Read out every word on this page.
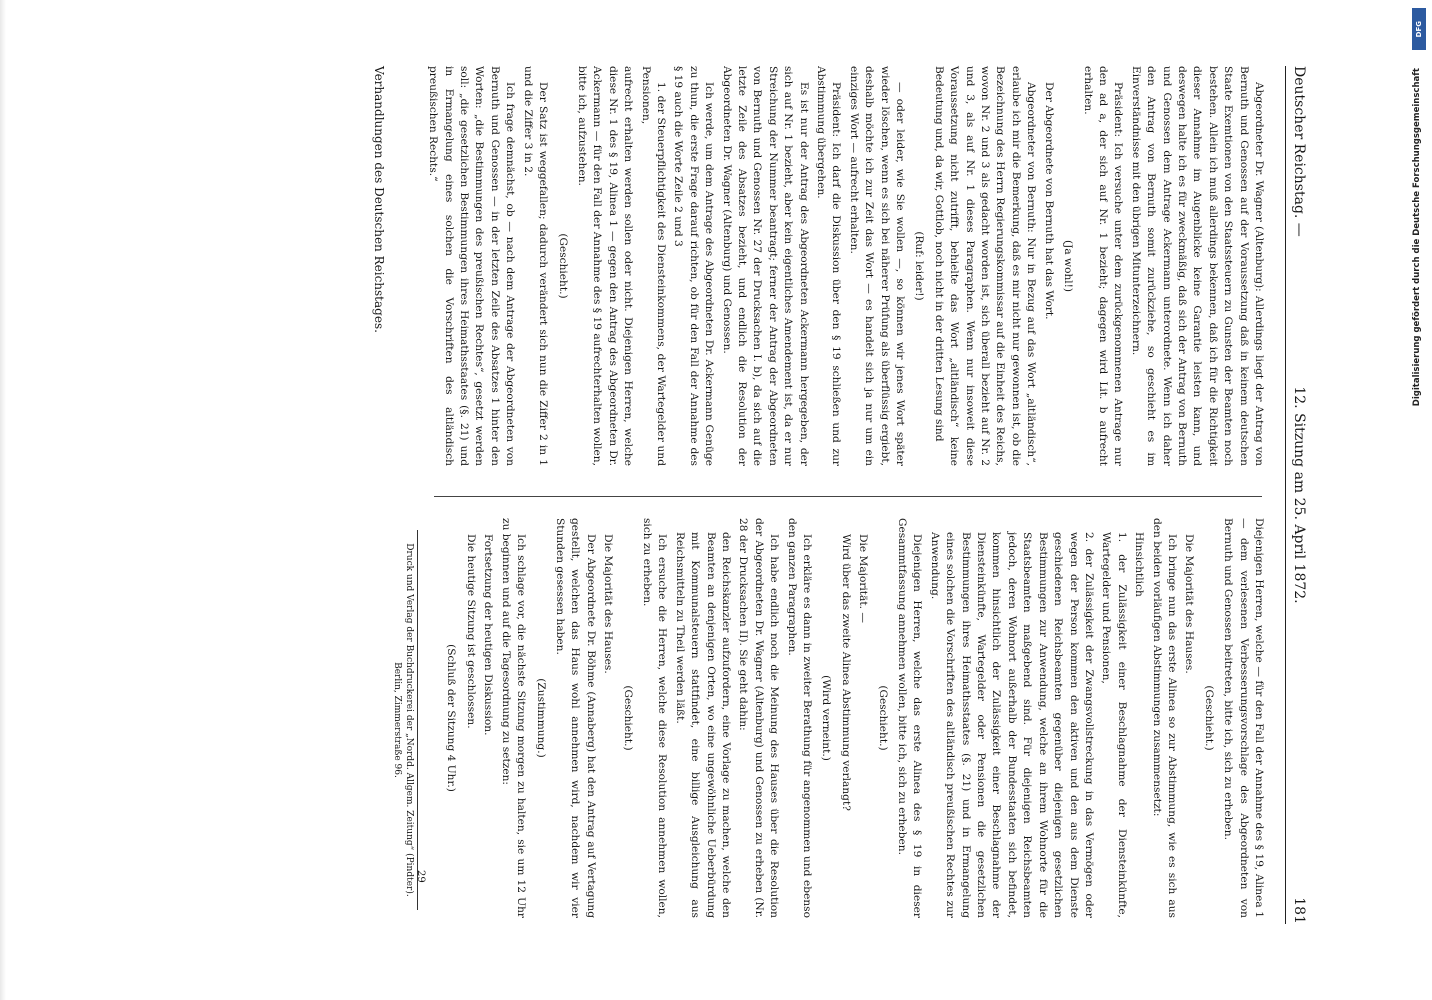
Deutscher Reichstag. —
12. Sitzung am 25. April 1872.
181

Abgeordneter Dr. Wagner (Altenburg): Allerdings liegt der Antrag von Bernuth und Genossen auf der Voraussetzung daß in keinem deutschen Staate Exemtionen von den Staatssteuern zu Gunsten der Beamten noch bestehen. Allein ich muß allerdings bekennen, daß ich für die Richtigkeit dieser Annahme im Augenblicke keine Garantie leisten kann, und deswegen halte ich es für zweckmäßig, daß sich der Antrag von Bernuth und Genossen dem Antrage Ackermann unterordnete. Wenn ich daher den Antrag von Bernuth somit zurückziehe, so geschieht es im Einverständnisse mit den übrigen Mitunterzeichnern.

Präsident: Ich versuche unter dem zurückgenommenen Antrage nur den ad a, der sich auf Nr. 1 bezieht; dagegen wird Lit. b aufrecht erhalten.

(Ja wohl!)

Der Abgeordnete von Bernuth hat das Wort.

Abgeordneter von Bernuth: Nur in Bezug auf das Wort „altländisch“, erlaube ich mir die Bemerkung, daß es mir nicht nur gewonnen ist, ob die Bezeichnung des Herrn Regierungskommissar auf die Einheit des Reichs, wovon Nr. 2 und 3 als gedacht worden ist, sich überall bezieht auf Nr. 2 und 3, als auf Nr. 1 dieses Paragraphen. Wenn nur insoweit diese Voraussetzung nicht zutrifft, behielte das Wort „altländisch“ keine Bedeutung und, da wir, Gottlob, noch nicht in der dritten Lesung sind

(Ruf: leider!)

— oder leider, wie Sie wollen —, so können wir jenes Wort später wieder löschen, wenn es sich bei näherer Prüfung als überflüssig ergiebt, deshalb möchte ich zur Zeit das Wort — es handelt sich ja nur um ein einziges Wort — aufrecht erhalten.

Präsident: Ich darf die Diskussion über den § 19 schließen und zur Abstimmung übergehen.

Es ist nur der Antrag des Abgeordneten Ackermann hergegeben, der sich auf Nr. 1 bezieht, aber kein eigentliches Amendement ist, da er nur Streichung der Nummer beantragt; ferner der Antrag der Abgeordneten von Bernuth und Genossen Nr. 27 der Drucksachen I. b), da sich auf die letzte Zeile des Absatzes bezieht, und endlich die Resolution der Abgeordneten Dr. Wagner (Altenburg) und Genossen.

Ich werde, um dem Antrage des Abgeordneten Dr. Ackermann Genüge zu thun, die erste Frage darauf richten, ob für den Fall der Annahme des § 19 auch die Worte Zeile 2 und 3

1. der Steuerpflichtigkeit des Diensteinkommens, der Wartegelder und Pensionen,

aufrecht erhalten werden sollen oder nicht. Diejenigen Herren, welche diese Nr. 1 des § 19, Alinea 1 — gegen den Antrag des Abgeordneten Dr. Ackermann — für den Fall der Annahme des § 19 aufrechterhalten wollen, bitte ich, aufzustehen.

(Geschieht.)

Der Satz ist weggefallen; dadurch verändert sich nun die Ziffer 2 in 1 und die Ziffer 3 in 2.

Ich frage demnächst, ob — nach dem Antrage der Abgeordneten von Bernuth und Genossen — in der letzten Zeile des Absatzes 1 hinter den Worten: „die Bestimmungen des preußischen Rechtes“, gesetzt werden soll: „die gesetzlichen Bestimmungen ihres Heimathsstaates (§. 21) und in Ermangelung eines solchen die Vorschriften des altländisch preußischen Rechts.“

Diejenigen Herren, welche — für den Fall der Annahme des § 19, Alinea 1 — dem verlesenen Verbesserungsvorschlage des Abgeordneten von Bernuth und Genossen beitreten, bitte ich, sich zu erheben.

(Geschieht.)

Die Majorität des Hauses.

Ich bringe nun das erste Alinea so zur Abstimmung, wie es sich aus den beiden vorläufigen Abstimmungen zusammensetzt:

Hinsichtlich

1. der Zulässigkeit einer Beschlagnahme der Diensteinkünfte, Wartegelder und Pensionen,

2. der Zulässigkeit der Zwangsvollstreckung in das Vermögen oder wegen der Person kommen den aktiven und den aus dem Dienste geschiedenen Reichsbeamten gegenüber diejenigen gesetzlichen Bestimmungen zur Anwendung, welche an ihrem Wohnorte für die Staatsbeamten maßgebend sind. Für diejenigen Reichsbeamten jedoch, deren Wohnort außerhalb der Bundesstaaten sich befindet, kommen hinsichtlich der Zulässigkeit einer Beschlagnahme der Diensteinkünfte, Wartegelder oder Pensionen die gesetzlichen Bestimmungen ihres Heimathsstaates (§. 21) und in Ermangelung eines solchen die Vorschriften des altländisch preußischen Rechtes zur Anwendung.

Diejenigen Herren, welche das erste Alinea des § 19 in dieser Gesammtfassung annehmen wollen, bitte ich, sich zu erheben.

(Geschieht.)

Die Majorität. —

Wird über das zweite Alinea Abstimmung verlangt?

(Wird verneint.)

Ich erkläre es dann in zweiter Berathung für angenommen und ebenso den ganzen Paragraphen.

Ich habe endlich noch die Meinung des Hauses über die Resolution der Abgeordneten Dr. Wagner (Altenburg) und Genossen zu erheben (Nr. 28 der Drucksachen II). Sie geht dahin:

den Reichskanzler aufzufordern, eine Vorlage zu machen, welche den Beamten an denjenigen Orten, wo eine ungewöhnliche Ueberbürdung mit Kommunalsteuern stattfindet, eine billige Ausgleichung aus Reichsmitteln zu Theil werden läßt.

Ich ersuche die Herren, welche diese Resolution annehmen wollen, sich zu erheben.

(Geschieht.)

Die Majorität des Hauses.

Der Abgeordnete Dr. Böhme (Annaberg) hat den Antrag auf Vertagung gestellt, welchen das Haus wohl annehmen wird, nachdem wir vier Stunden gesessen haben.

(Zustimmung.)

Ich schlage vor, die nächste Sitzung morgen zu halten, sie um 12 Uhr zu beginnen und auf die Tagesordnung zu setzen:

Fortsetzung der heutigen Diskussion.

Die heutige Sitzung ist geschlossen.

(Schluß der Sitzung 4 Uhr.)

Druck und Verlag der Buchdruckerei der „Nordd. Allgem. Zeitung“ (Pindter). Berlin, Zimmerstraße 96.
29
Verhandlungen des Deutschen Reichstages.	Digitalisierung gefördert durch die Deutsche Forschungsgemeinschaft
DFG
